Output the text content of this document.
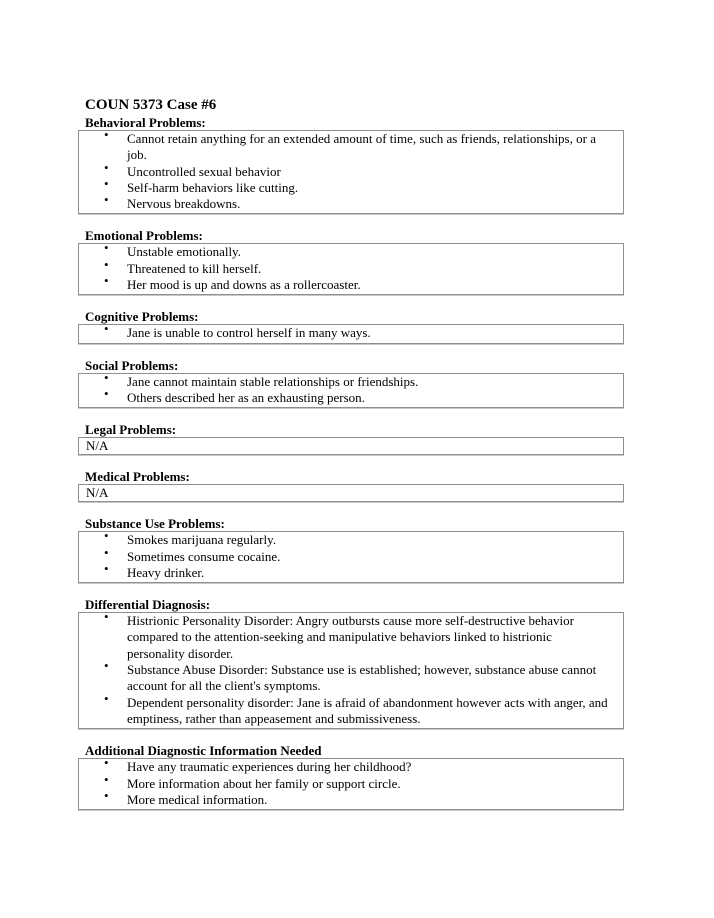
COUN 5373 Case #6
Behavioral Problems:
• Cannot retain anything for an extended amount of time, such as friends, relationships, or a job.
• Uncontrolled sexual behavior
• Self-harm behaviors like cutting.
• Nervous breakdowns.
Emotional Problems:
• Unstable emotionally.
• Threatened to kill herself.
• Her mood is up and downs as a rollercoaster.
Cognitive Problems:
• Jane is unable to control herself in many ways.
Social Problems:
• Jane cannot maintain stable relationships or friendships.
• Others described her as an exhausting person.
Legal Problems:
N/A
Medical Problems:
N/A
Substance Use Problems:
• Smokes marijuana regularly.
• Sometimes consume cocaine.
• Heavy drinker.
Differential Diagnosis:
• Histrionic Personality Disorder: Angry outbursts cause more self-destructive behavior compared to the attention-seeking and manipulative behaviors linked to histrionic personality disorder.
• Substance Abuse Disorder: Substance use is established; however, substance abuse cannot account for all the client's symptoms.
• Dependent personality disorder: Jane is afraid of abandonment however acts with anger, and emptiness, rather than appeasement and submissiveness.
Additional Diagnostic Information Needed
• Have any traumatic experiences during her childhood?
• More information about her family or support circle.
• More medical information.
